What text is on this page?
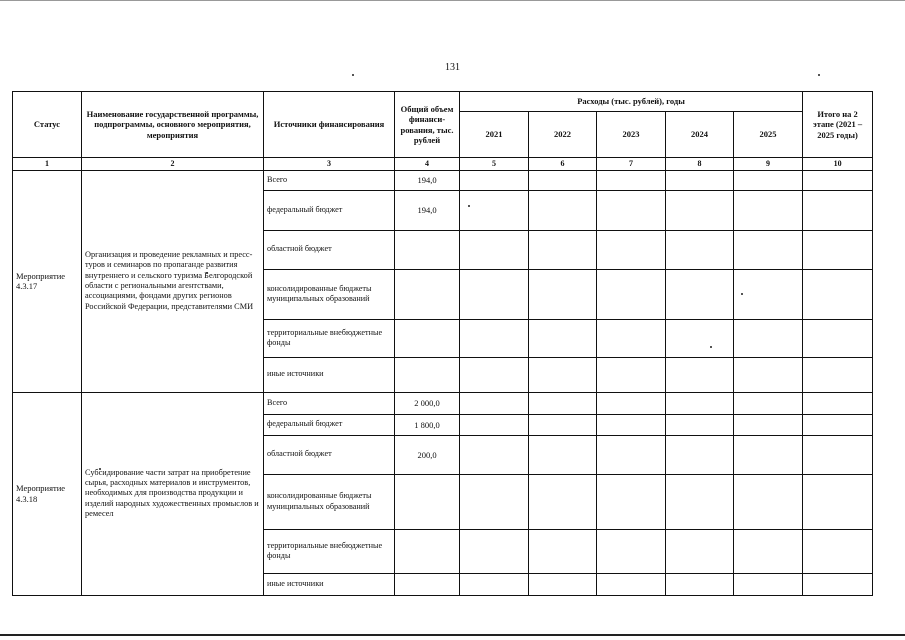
131
Статус	Наименование государственной программы, подпрограммы, основного мероприятия, мероприятия	Источники финансирования	Общий объем финанси-рования, тыс. рублей	Расходы (тыс. рублей), годы					Итого на 2 этапе (2021 – 2025 годы)
				2021	2022	2023	2024	2025	
1	2	3	4	5	6	7	8	9	10
Мероприятие 4.3.17	Организация и проведение рекламных и пресс-туров и семинаров по пропаганде развития внутреннего и сельского туризма Белгородской области с региональными агентствами, ассоциациями, фондами других регионов Российской Федерации, представителями СМИ	Всего	194,0						
		федеральный бюджет	194,0						
		областной бюджет							
		консолидированные бюджеты муниципальных образований							
		территориальные внебюджетные фонды							
		иные источники							
Мероприятие 4.3.18	Субсидирование части затрат на приобретение сырья, расходных материалов и инструментов, необходимых для производства продукции и изделий народных художественных промыслов и ремесел	Всего	2 000,0						
		федеральный бюджет	1 800,0						
		областной бюджет	200,0						
		консолидированные бюджеты муниципальных образований							
		территориальные внебюджетные фонды							
		иные источники							
